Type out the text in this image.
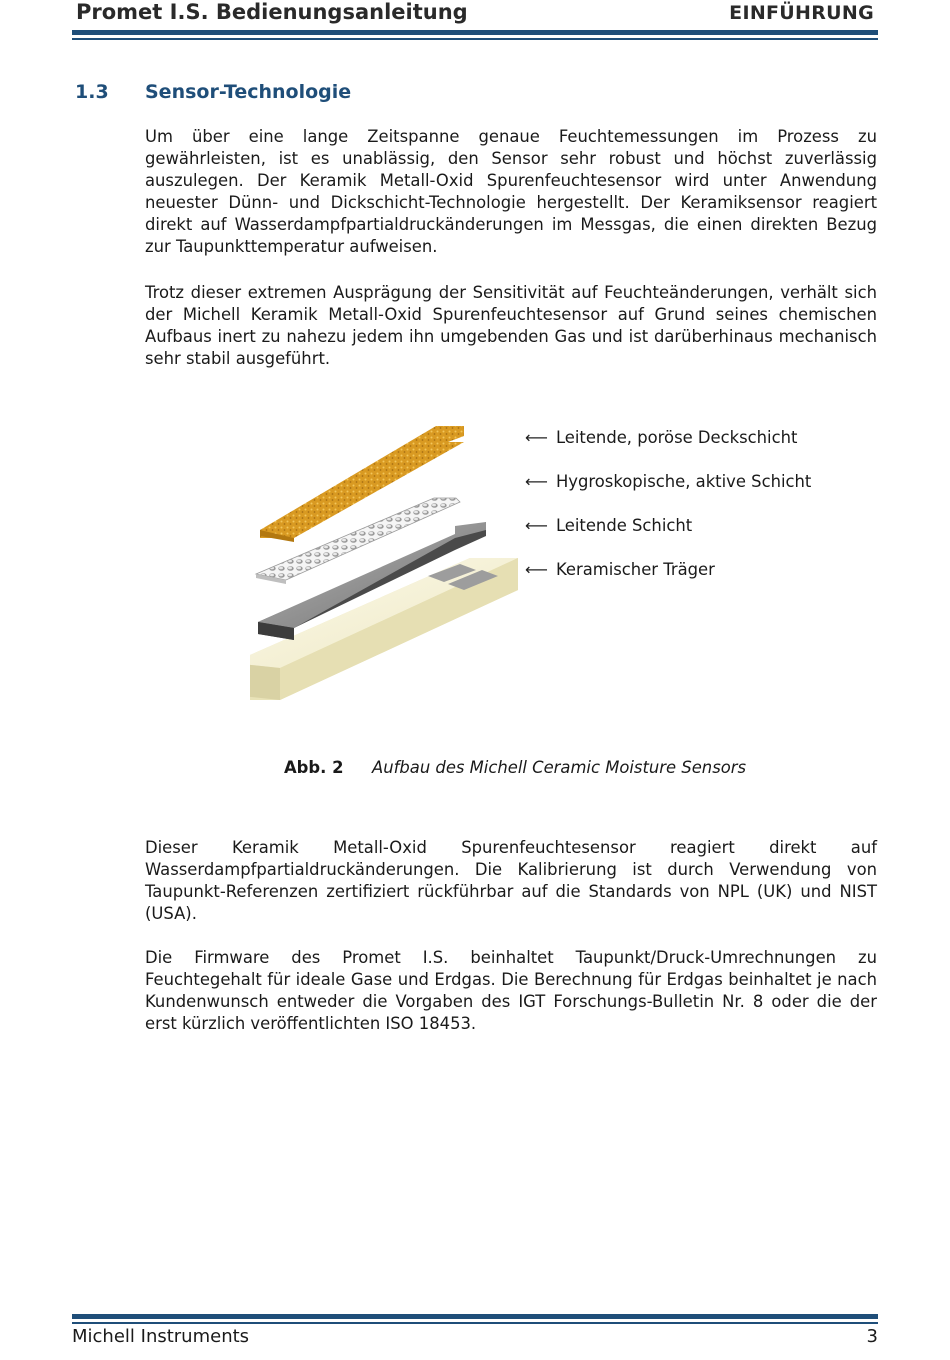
Promet I.S. Bedienungsanleitung	EINFÜHRUNG
1.3 Sensor-Technologie

Um über eine lange Zeitspanne genaue Feuchtemessungen im Prozess zu gewährleisten, ist es unablässig, den Sensor sehr robust und höchst zuverlässig auszulegen. Der Keramik Metall-Oxid Spurenfeuchtesensor wird unter Anwendung neuester Dünn- und Dickschicht-Technologie hergestellt. Der Keramiksensor reagiert direkt auf Wasserdampfpartialdruckänderungen im Messgas, die einen direkten Bezug zur Taupunkttemperatur aufweisen.

Trotz dieser extremen Ausprägung der Sensitivität auf Feuchteänderungen, verhält sich der Michell Keramik Metall-Oxid Spurenfeuchtesensor auf Grund seines chemischen Aufbaus inert zu nahezu jedem ihn umgebenden Gas und ist darüberhinaus mechanisch sehr stabil ausgeführt.

⟵ Leitende, poröse Deckschicht
⟵ Hygroskopische, aktive Schicht
⟵ Leitende Schicht
⟵ Keramischer Träger
Abb. 2 Aufbau des Michell Ceramic Moisture Sensors

Dieser Keramik Metall-Oxid Spurenfeuchtesensor reagiert direkt auf Wasserdampfpartialdruckänderungen. Die Kalibrierung ist durch Verwendung von Taupunkt-Referenzen zertifiziert rückführbar auf die Standards von NPL (UK) und NIST (USA).

Die Firmware des Promet I.S. beinhaltet Taupunkt/Druck-Umrechnungen zu Feuchtegehalt für ideale Gase und Erdgas. Die Berechnung für Erdgas beinhaltet je nach Kundenwunsch entweder die Vorgaben des IGT Forschungs-Bulletin Nr. 8 oder die der erst kürzlich veröffentlichten ISO 18453.

Michell Instruments	3
